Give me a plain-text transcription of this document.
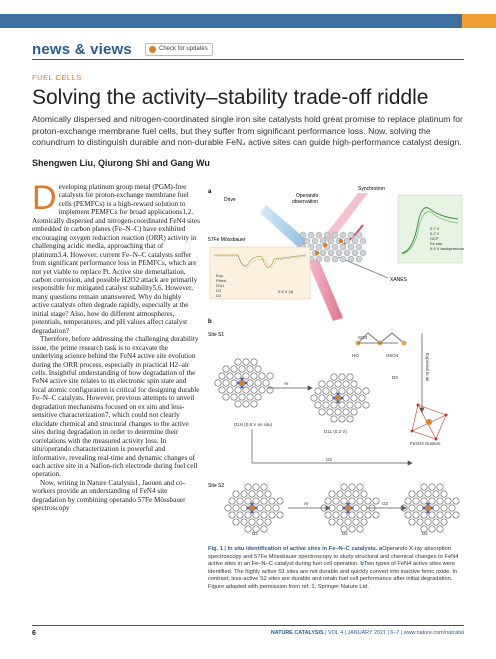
news & views	Check for updates
FUEL CELLS
Solving the activity–stability trade-off riddle
Atomically dispersed and nitrogen-coordinated single iron site catalysts hold great promise to replace platinum for proton-exchange membrane fuel cells, but they suffer from significant performance loss. Now, solving the conundrum to distinguish durable and non-durable FeN₄ active sites can guide high-performance catalyst design.
Shengwen Liu, Qiurong Shi and Gang Wu

Developing platinum group metal (PGM)-free catalysts for proton-exchange membrane fuel cells (PEMFCs) is a high-reward solution to implement PEMFCs for broad applications1,2. Atomically dispersed and nitrogen-coordinated FeN4 sites embedded in carbon planes (Fe–N–C) have exhibited encouraging oxygen reduction reaction (ORR) activity in challenging acidic media, approaching that of platinum3,4. However, current Fe–N–C catalysts suffer from significant performance loss in PEMFCs, which are not yet viable to replace Pt. Active site demetallation, carbon corrosion, and possible H2O2 attack are primarily responsible for mitigated catalyst stability5,6. However, many questions remain unanswered. Why do highly active catalysts often degrade rapidly, especially at the initial stage? Also, how do different atmospheres, potentials, temperatures, and pH values affect catalyst degradation?

Therefore, before addressing the challenging durability issue, the prime research task is to excavate the underlying science behind the FeN4 active site evolution during the ORR process, especially in practical H2–air cells. Insightful understanding of how degradation of the FeN4 active site relates to its electronic spin state and local atomic configuration is critical for designing durable Fe–N–C catalysts. However, previous attempts to unveil degradation mechanisms focused on ex situ and less-sensitive characterization7, which could not clearly elucidate chemical and structural changes to the active sites during degradation in order to determine their correlations with the measured activity loss. In situ/operando characterization is powerful and informative, revealing real-time and dynamic changes of each active site in a Nafion-rich electrode during fuel cell operation.

Now, writing in Nature Catalysis1, Jaouen and co-workers provide an understanding of FeN4 site degradation by combining operando 57Fe Mössbauer spectroscopy

a
Drive
Operando
observation
Synchrotron
57Fe Mössbauer
XANES
Exp.
Fitted
D1H
D2
D3
0.8 V (4)
0.7 V
0.2 V
OCP
Ex situ
0.9 V backpressure
b
Site S1
Site S2
Ar
O2
Ar	O2
Exposed to air
D1H (0.8 V ex situ)
D1L (0.2 V)
D3
Fe2O3 clusters
D2	D2	D2
SO3
HSO4
HO
Fig. 1 | In situ identification of active sites in Fe–N–C catalysts. aOperando X-ray absorption spectroscopy and 57Fe Mössbauer spectroscopy to study structural and chemical changes to FeN4 active sites in an Fe–N–C catalyst during fuel cell operation. bTwo types of FeN4 active sites were identified. The highly active S1 sites are not durable and quickly convert into inactive ferric oxide. In contrast, less-active S2 sites are durable and retain fuel cell performance after initial degradation. Figure adapted with permission from ref. 1, Springer Nature Ltd.
6	NATURE CATALYSIS | VOL 4 | JANUARY 2021 | 6–7 | www.nature.com/natcatal
